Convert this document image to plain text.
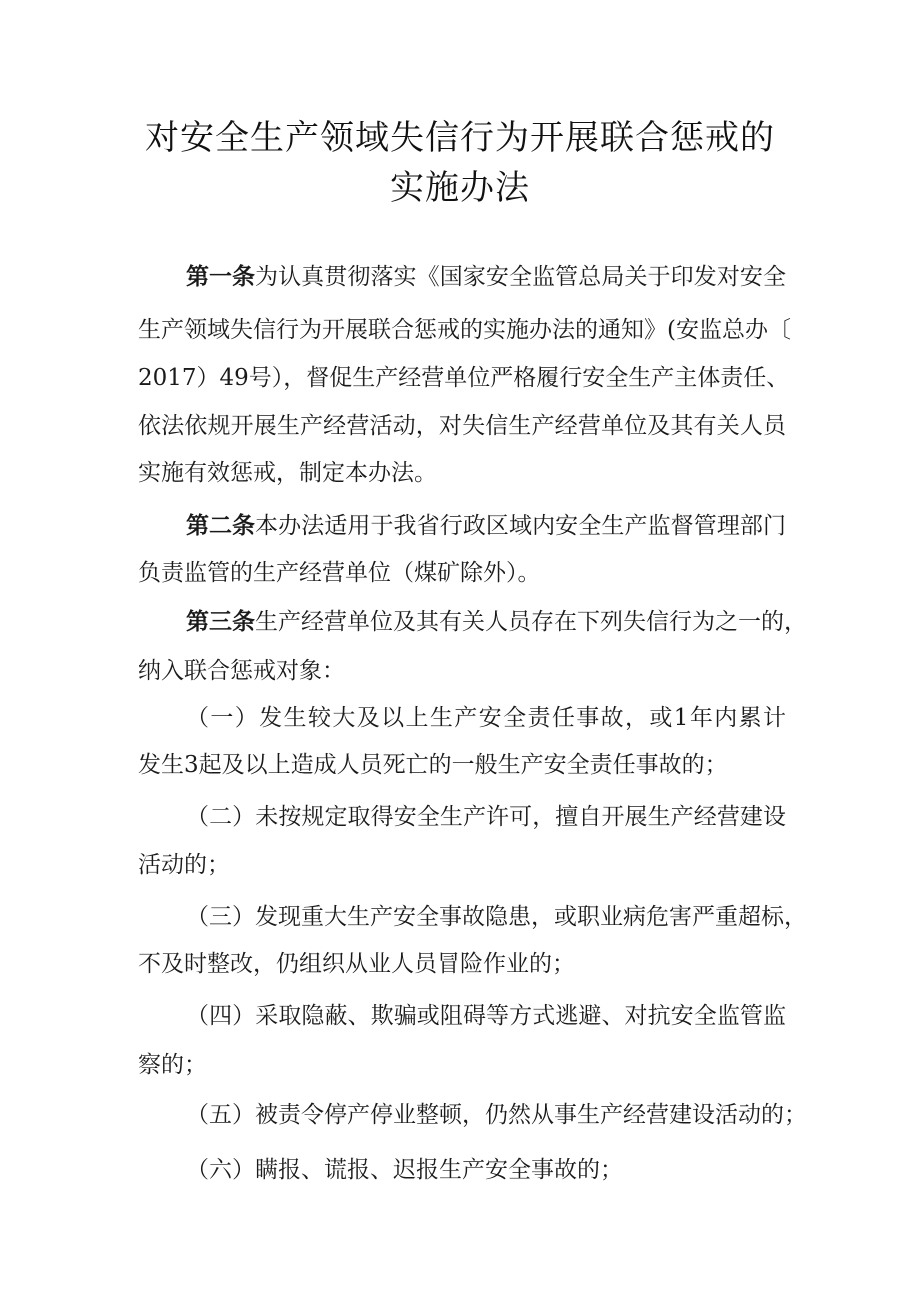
对安全生产领域失信行为开展联合惩戒的
实施办法
第一条 为认真贯彻落实《国家安全监管总局关于印发对安全
生产领域失信行为开展联合惩戒的实施办法的通知》(安监总办〔
2017）49号），督促生产经营单位严格履行安全生产主体责任、
依法依规开展生产经营活动，对失信生产经营单位及其有关人员
实施有效惩戒，制定本办法。
第二条 本办法适用于我省行政区域内安全生产监督管理部门
负责监管的生产经营单位（煤矿除外）。
第三条 生产经营单位及其有关人员存在下列失信行为之一的，
纳入联合惩戒对象：
（一）发生较大及以上生产安全责任事故，或1年内累计
发生3起及以上造成人员死亡的一般生产安全责任事故的；
（二）未按规定取得安全生产许可，擅自开展生产经营建设
活动的；
（三）发现重大生产安全事故隐患，或职业病危害严重超标，
不及时整改，仍组织从业人员冒险作业的；
（四）采取隐蔽、欺骗或阻碍等方式逃避、对抗安全监管监
察的；
（五）被责令停产停业整顿，仍然从事生产经营建设活动的；
（六）瞒报、谎报、迟报生产安全事故的；
